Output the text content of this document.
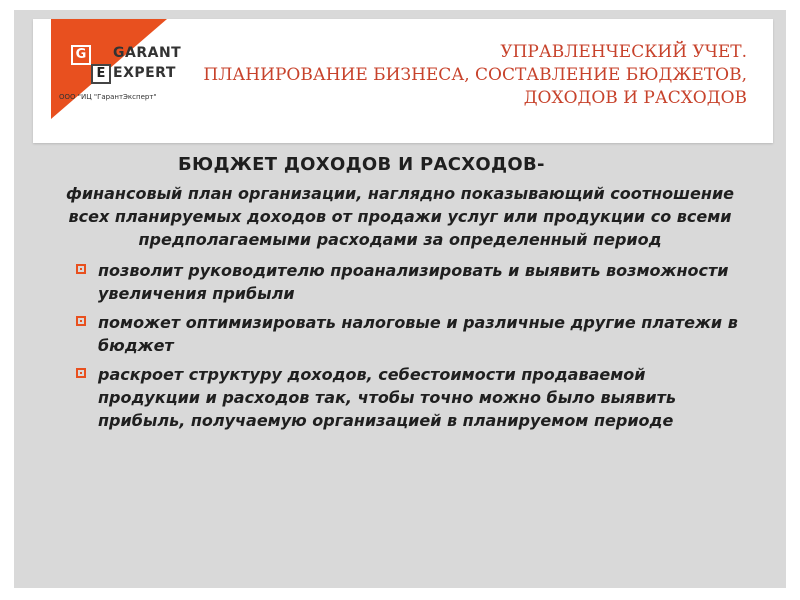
G
E
GARANT
EXPERT
ООО "ИЦ "ГарантЭксперт"
УПРАВЛЕНЧЕСКИЙ УЧЕТ.
ПЛАНИРОВАНИЕ БИЗНЕСА, СОСТАВЛЕНИЕ БЮДЖЕТОВ,
ДОХОДОВ И РАСХОДОВ
БЮДЖЕТ ДОХОДОВ И РАСХОДОВ-
финансовый план организации, наглядно показывающий соотношение всех планируемых доходов от продажи услуг или продукции со всеми предполагаемыми расходами за определенный период
позволит руководителю проанализировать и выявить возможности увеличения прибыли
поможет оптимизировать налоговые и различные другие платежи в бюджет
раскроет структуру доходов, себестоимости продаваемой продукции и расходов так, чтобы точно можно было выявить прибыль, получаемую организацией в планируемом периоде
